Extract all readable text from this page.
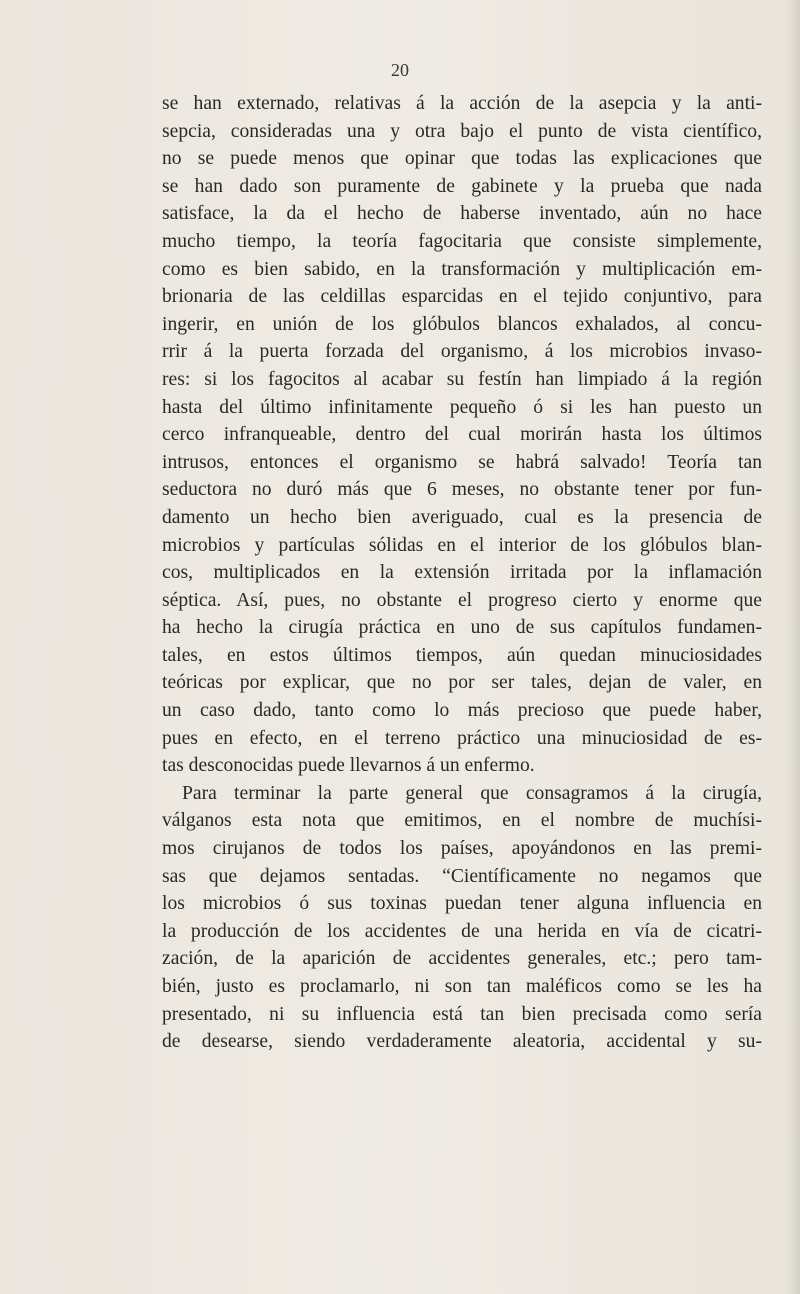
20
se han externado, relativas á la acción de la asepcia y la anti-
sepcia, consideradas una y otra bajo el punto de vista científico,
no se puede menos que opinar que todas las explicaciones que
se han dado son puramente de gabinete y la prueba que nada
satisface, la da el hecho de haberse inventado, aún no hace
mucho tiempo, la teoría fagocitaria que consiste simplemente,
como es bien sabido, en la transformación y multiplicación em-
brionaria de las celdillas esparcidas en el tejido conjuntivo, para
ingerir, en unión de los glóbulos blancos exhalados, al concu-
rrir á la puerta forzada del organismo, á los microbios invaso-
res: si los fagocitos al acabar su festín han limpiado á la región
hasta del último infinitamente pequeño ó si les han puesto un
cerco infranqueable, dentro del cual morirán hasta los últimos
intrusos, entonces el organismo se habrá salvado! Teoría tan
seductora no duró más que 6 meses, no obstante tener por fun-
damento un hecho bien averiguado, cual es la presencia de
microbios y partículas sólidas en el interior de los glóbulos blan-
cos, multiplicados en la extensión irritada por la inflamación
séptica. Así, pues, no obstante el progreso cierto y enorme que
ha hecho la cirugía práctica en uno de sus capítulos fundamen-
tales, en estos últimos tiempos, aún quedan minuciosidades
teóricas por explicar, que no por ser tales, dejan de valer, en
un caso dado, tanto como lo más precioso que puede haber,
pues en efecto, en el terreno práctico una minuciosidad de es-
tas desconocidas puede llevarnos á un enfermo.
Para terminar la parte general que consagramos á la cirugía,
válganos esta nota que emitimos, en el nombre de muchísi-
mos cirujanos de todos los países, apoyándonos en las premi-
sas que dejamos sentadas. “Científicamente no negamos que
los microbios ó sus toxinas puedan tener alguna influencia en
la producción de los accidentes de una herida en vía de cicatri-
zación, de la aparición de accidentes generales, etc.; pero tam-
bién, justo es proclamarlo, ni son tan maléficos como se les ha
presentado, ni su influencia está tan bien precisada como sería
de desearse, siendo verdaderamente aleatoria, accidental y su-
